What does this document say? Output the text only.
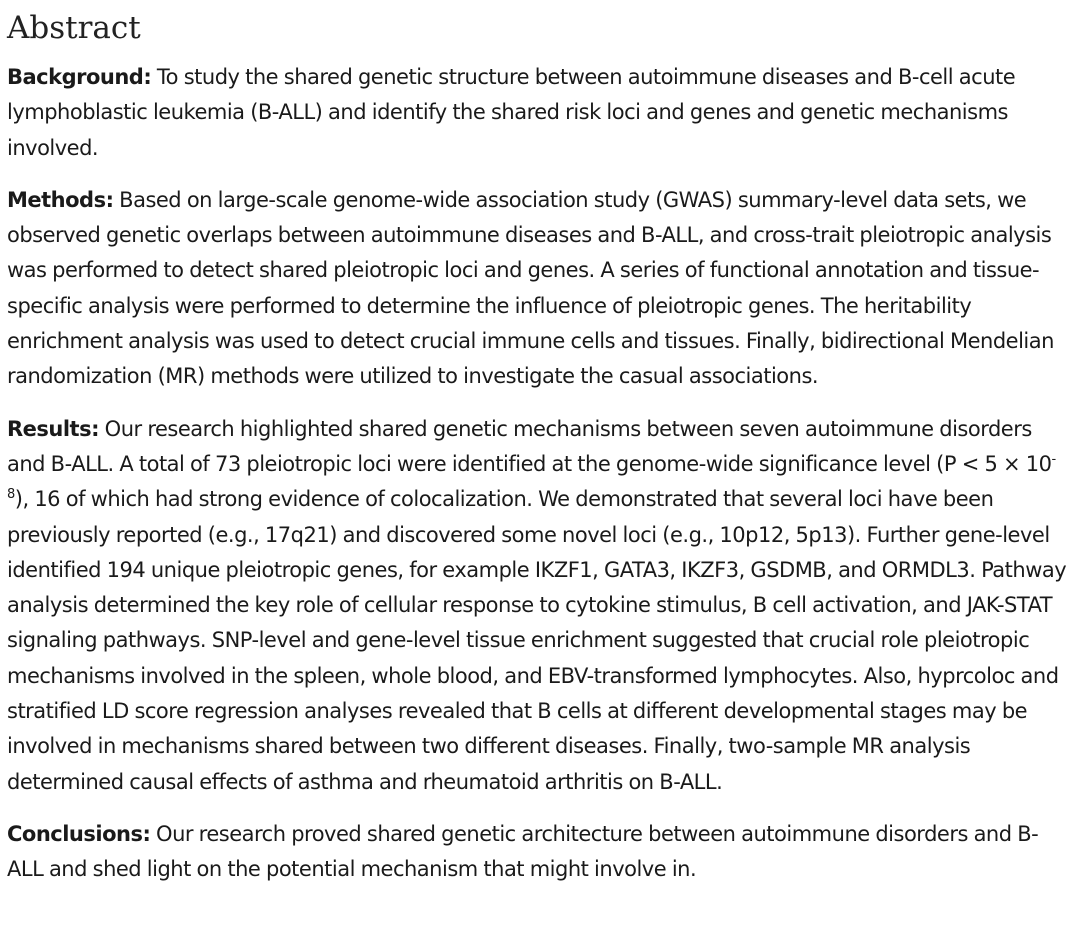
Abstract

Background: To study the shared genetic structure between autoimmune diseases and B-cell acute lymphoblastic leukemia (B-ALL) and identify the shared risk loci and genes and genetic mechanisms involved.

Methods: Based on large-scale genome-wide association study (GWAS) summary-level data sets, we observed genetic overlaps between autoimmune diseases and B-ALL, and cross-trait pleiotropic analysis was performed to detect shared pleiotropic loci and genes. A series of functional annotation and tissue-specific analysis were performed to determine the influence of pleiotropic genes. The heritability enrichment analysis was used to detect crucial immune cells and tissues. Finally, bidirectional Mendelian randomization (MR) methods were utilized to investigate the casual associations.

Results: Our research highlighted shared genetic mechanisms between seven autoimmune disorders and B-ALL. A total of 73 pleiotropic loci were identified at the genome-wide significance level $(P < 5 \times 10^{-8})$, 16 of which had strong evidence of colocalization. We demonstrated that several loci have been previously reported (e.g., 17q21) and discovered some novel loci (e.g., 10p12, 5p13). Further gene-level identified 194 unique pleiotropic genes, for example IKZF1, GATA3, IKZF3, GSDMB, and ORMDL3. Pathway analysis determined the key role of cellular response to cytokine stimulus, B cell activation, and JAK-STAT signaling pathways. SNP-level and gene-level tissue enrichment suggested that crucial role pleiotropic mechanisms involved in the spleen, whole blood, and EBV-transformed lymphocytes. Also, hyprcoloc and stratified LD score regression analyses revealed that B cells at different developmental stages may be involved in mechanisms shared between two different diseases. Finally, two-sample MR analysis determined causal effects of asthma and rheumatoid arthritis on B-ALL.

Conclusions: Our research proved shared genetic architecture between autoimmune disorders and B-ALL and shed light on the potential mechanism that might involve in.
